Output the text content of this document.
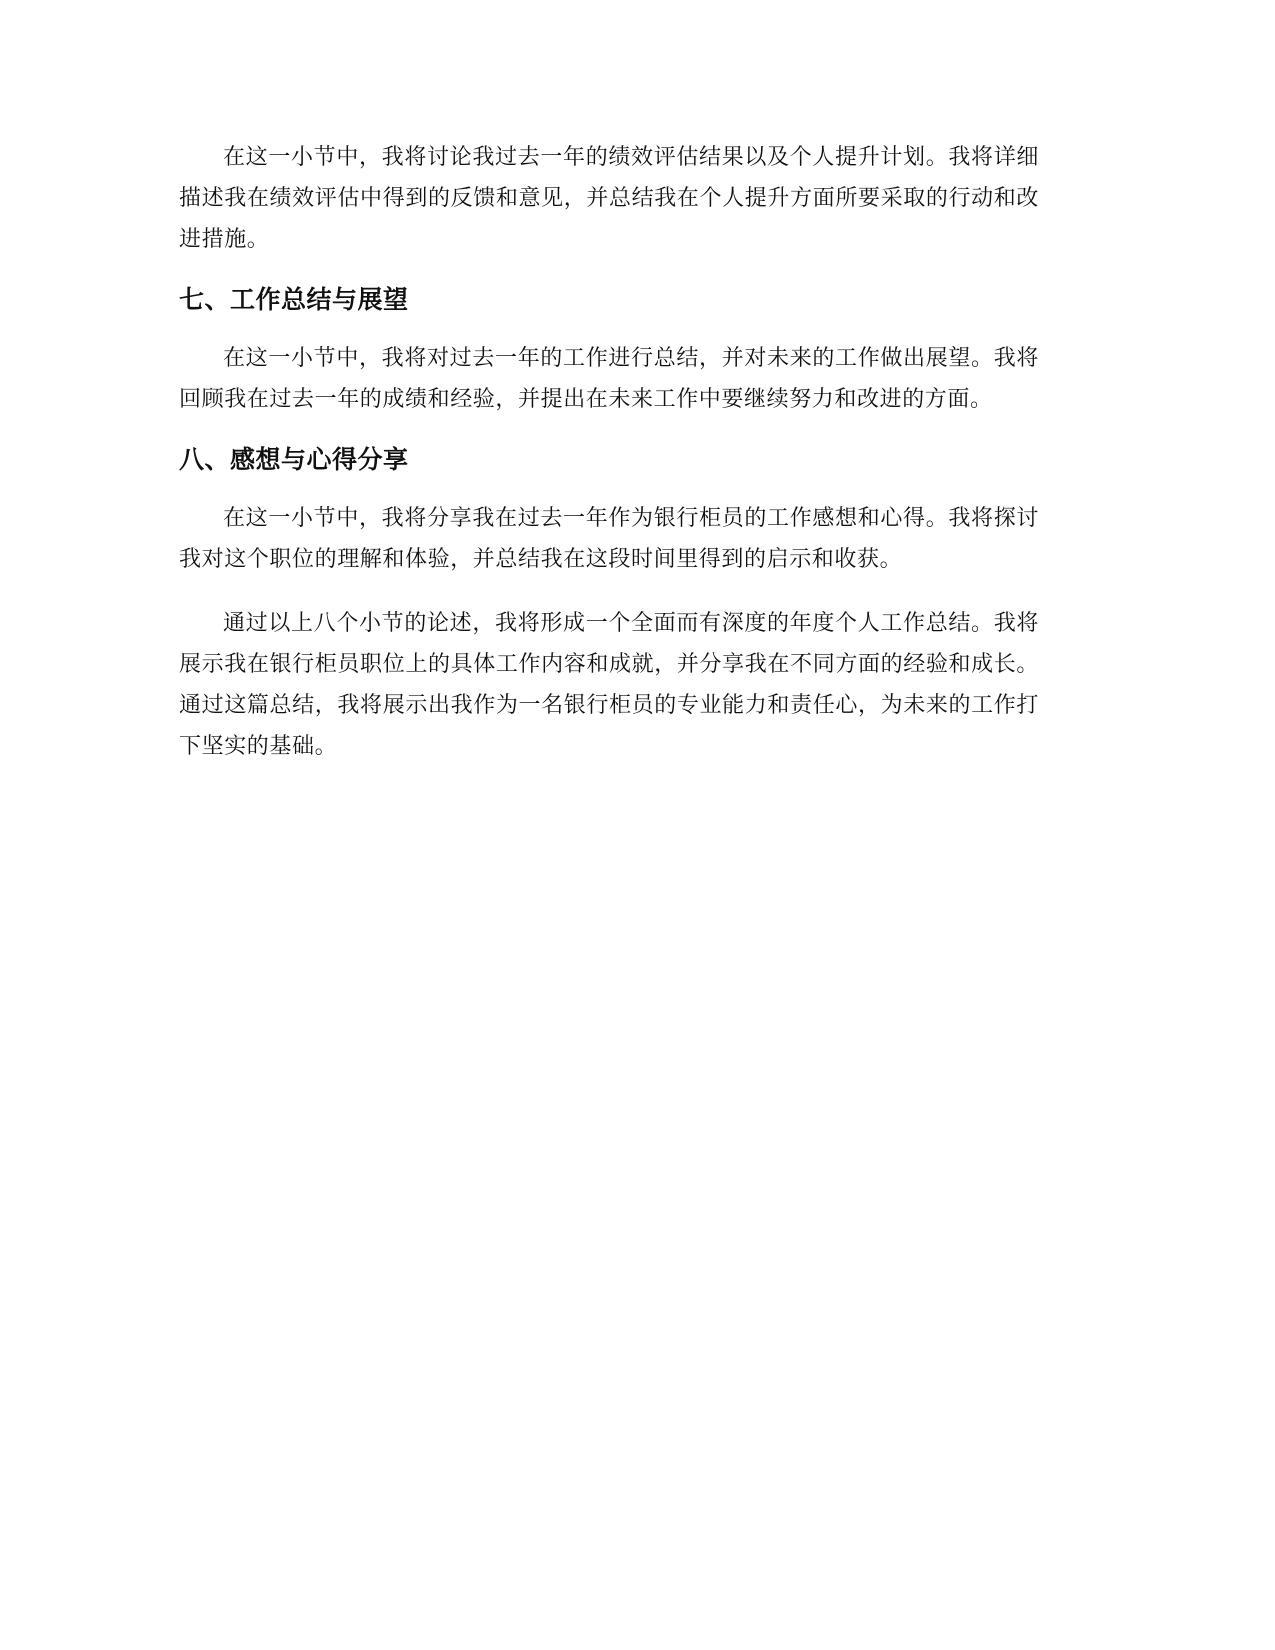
在这一小节中，我将讨论我过去一年的绩效评估结果以及个人提升计划。我将详细描述我在绩效评估中得到的反馈和意见，并总结我在个人提升方面所要采取的行动和改进措施。

七、工作总结与展望

在这一小节中，我将对过去一年的工作进行总结，并对未来的工作做出展望。我将回顾我在过去一年的成绩和经验，并提出在未来工作中要继续努力和改进的方面。

八、感想与心得分享

在这一小节中，我将分享我在过去一年作为银行柜员的工作感想和心得。我将探讨我对这个职位的理解和体验，并总结我在这段时间里得到的启示和收获。

通过以上八个小节的论述，我将形成一个全面而有深度的年度个人工作总结。我将展示我在银行柜员职位上的具体工作内容和成就，并分享我在不同方面的经验和成长。通过这篇总结，我将展示出我作为一名银行柜员的专业能力和责任心，为未来的工作打下坚实的基础。
